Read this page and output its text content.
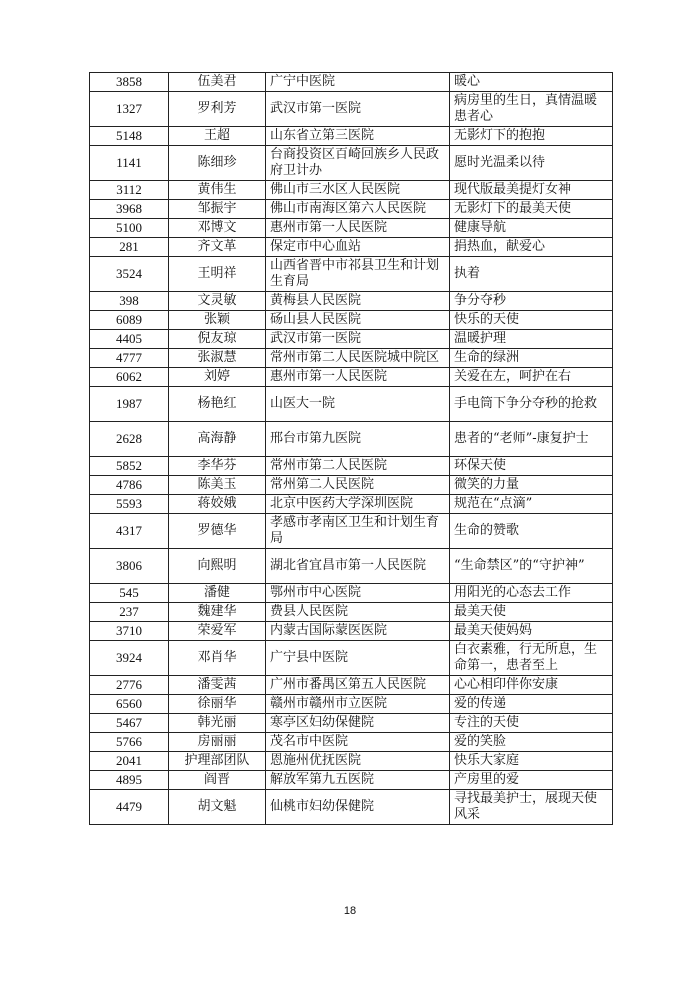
3858	伍美君	广宁中医院	暖心
1327	罗利芳	武汉市第一医院	病房里的生日，真情温暖患者心
5148	王超	山东省立第三医院	无影灯下的抱抱
1141	陈细珍	台商投资区百崎回族乡人民政府卫计办	愿时光温柔以待
3112	黄伟生	佛山市三水区人民医院	现代版最美提灯女神
3968	邹振宇	佛山市南海区第六人民医院	无影灯下的最美天使
5100	邓博文	惠州市第一人民医院	健康导航
281	齐文革	保定市中心血站	捐热血，献爱心
3524	王明祥	山西省晋中市祁县卫生和计划生育局	执着
398	文灵敏	黄梅县人民医院	争分夺秒
6089	张颖	砀山县人民医院	快乐的天使
4405	倪友琼	武汉市第一医院	温暖护理
4777	张淑慧	常州市第二人民医院城中院区	生命的绿洲
6062	刘婷	惠州市第一人民医院	关爱在左，呵护在右
1987	杨艳红	山医大一院	手电筒下争分夺秒的抢救
2628	高海静	邢台市第九医院	患者的“老师”-康复护士
5852	李华芬	常州市第二人民医院	环保天使
4786	陈美玉	常州第二人民医院	微笑的力量
5593	蒋姣娥	北京中医药大学深圳医院	规范在“点滴”
4317	罗德华	孝感市孝南区卫生和计划生育局	生命的赞歌
3806	向熙明	湖北省宜昌市第一人民医院	“生命禁区”的“守护神”
545	潘健	鄂州市中心医院	用阳光的心态去工作
237	魏建华	费县人民医院	最美天使
3710	荣爱军	内蒙古国际蒙医医院	最美天使妈妈
3924	邓肖华	广宁县中医院	白衣素雅，行无所息，生命第一，患者至上
2776	潘雯茜	广州市番禺区第五人民医院	心心相印伴你安康
6560	徐丽华	赣州市赣州市立医院	爱的传递
5467	韩光丽	寒亭区妇幼保健院	专注的天使
5766	房丽丽	茂名市中医院	爱的笑脸
2041	护理部团队	恩施州优抚医院	快乐大家庭
4895	阎晋	解放军第九五医院	产房里的爱
4479	胡文魁	仙桃市妇幼保健院	寻找最美护士，展现天使风采
18
